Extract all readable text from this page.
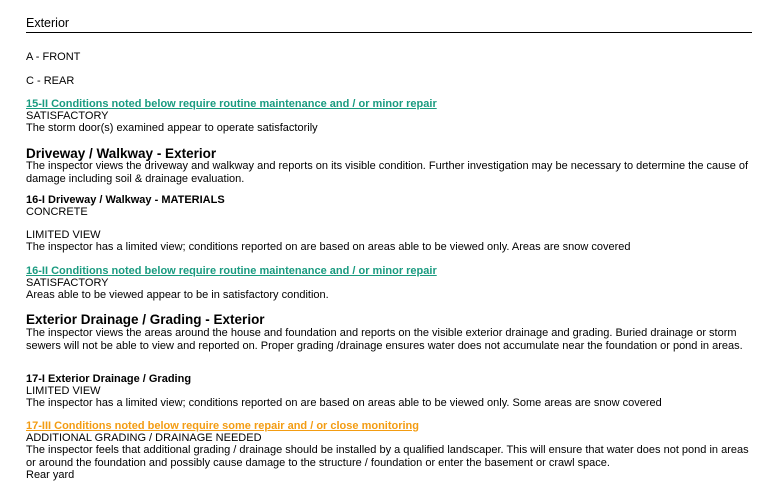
Exterior
A - FRONT
C - REAR
15-II Conditions noted below require routine maintenance and / or minor repair
SATISFACTORY
The storm door(s) examined appear to operate satisfactorily
Driveway / Walkway - Exterior
The inspector views the driveway and walkway and reports on its visible condition. Further investigation may be necessary to determine the cause of damage including soil & drainage evaluation.
16-I Driveway / Walkway - MATERIALS
CONCRETE
LIMITED VIEW
The inspector has a limited view; conditions reported on are based on areas able to be viewed only. Areas are snow covered
16-II Conditions noted below require routine maintenance and / or minor repair
SATISFACTORY
Areas able to be viewed appear to be in satisfactory condition.
Exterior Drainage / Grading - Exterior
The inspector views the areas around the house and foundation and reports on the visible exterior drainage and grading. Buried drainage or storm sewers will not be able to view and reported on. Proper grading /drainage ensures water does not accumulate near the foundation or pond in areas.
17-I Exterior Drainage / Grading
LIMITED VIEW
The inspector has a limited view; conditions reported on are based on areas able to be viewed only. Some areas are snow covered
17-III Conditions noted below require some repair and / or close monitoring
ADDITIONAL GRADING / DRAINAGE NEEDED
The inspector feels that additional grading / drainage should be installed by a qualified landscaper. This will ensure that water does not pond in areas or around the foundation and possibly cause damage to the structure / foundation or enter the basement or crawl space.
Rear yard
